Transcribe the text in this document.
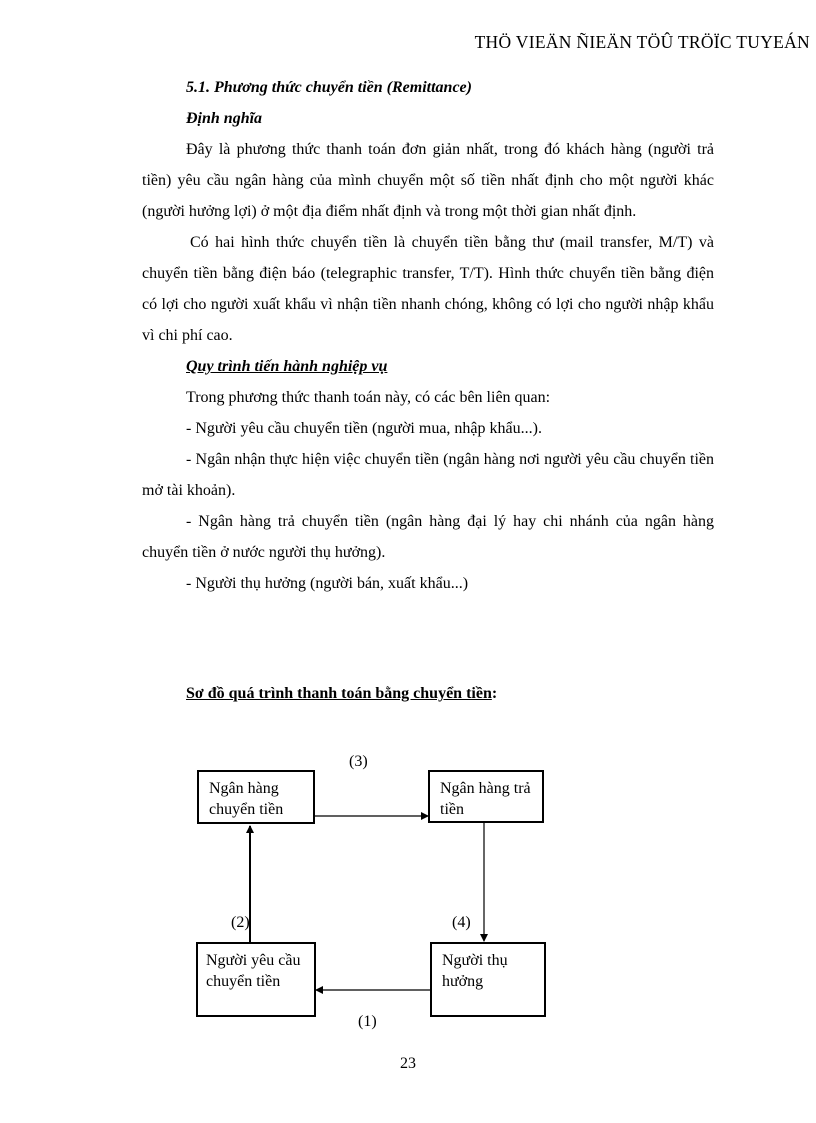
THÖ VIEÄN ÑIEÄN TÖÛ TRÖÏC TUYEÁN

5.1. Phương thức chuyển tiền (Remittance)

Định nghĩa

Đây là phương thức thanh toán đơn giản nhất, trong đó khách hàng (người trả tiền) yêu cầu ngân hàng của mình chuyển một số tiền nhất định cho một người khác (người hưởng lợi) ở một địa điểm nhất định và trong một thời gian nhất định.

Có hai hình thức chuyển tiền là chuyển tiền bằng thư (mail transfer, M/T) và chuyển tiền bằng điện báo (telegraphic transfer, T/T). Hình thức chuyển tiền bằng điện có lợi cho người xuất khẩu vì nhận tiền nhanh chóng, không có lợi cho người nhập khẩu vì chi phí cao.

Quy trình tiến hành nghiệp vụ

Trong phương thức thanh toán này, có các bên liên quan:

- Người yêu cầu chuyển tiền (người mua, nhập khẩu...).

- Ngân nhận thực hiện việc chuyển tiền (ngân hàng nơi người yêu cầu chuyển tiền mở tài khoản).

- Ngân hàng trả chuyển tiền (ngân hàng đại lý hay chi nhánh của ngân hàng chuyển tiền ở nước người thụ hưởng).

- Người thụ hưởng (người bán, xuất khẩu...)

Sơ đồ quá trình thanh toán bằng chuyển tiền:
Ngân hàng chuyển tiền
Ngân hàng trả tiền
Người yêu cầu chuyển tiền
Người thụ hưởng
(3)
(2)	(4)
(1)
23
